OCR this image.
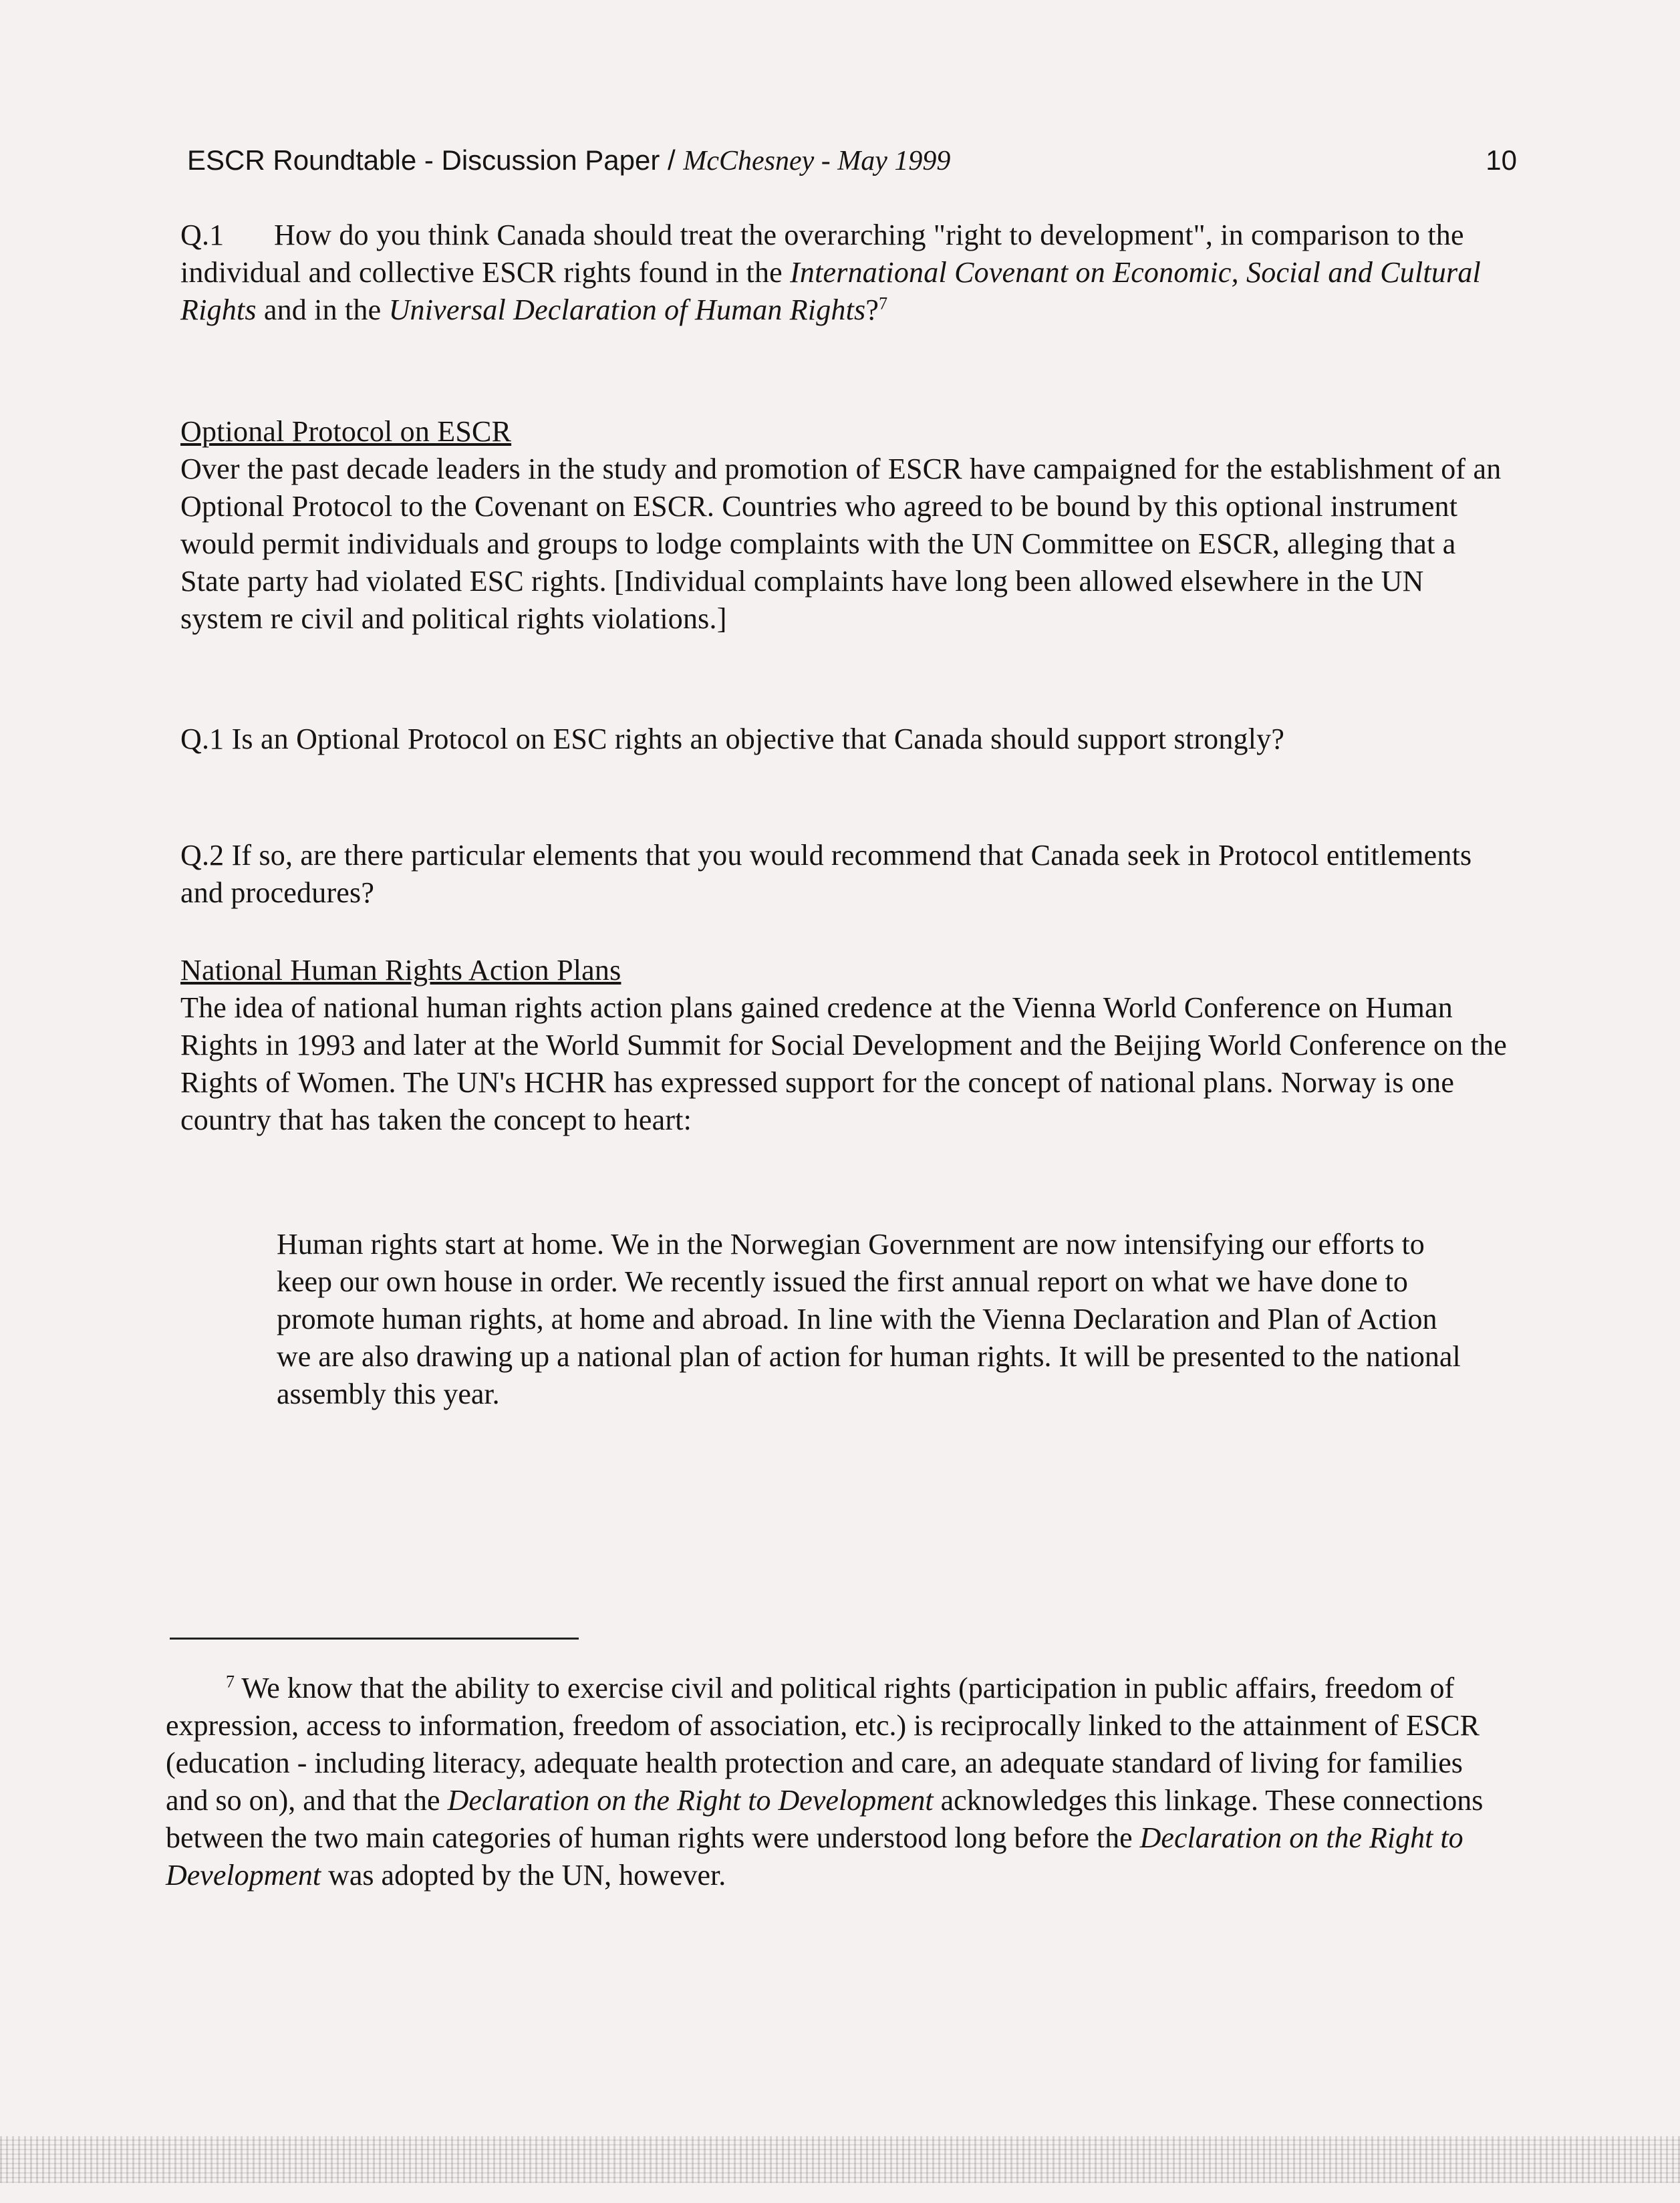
ESCR Roundtable - Discussion Paper / McChesney - May 1999	10

Q.1 How do you think Canada should treat the overarching "right to development", in comparison to the individual and collective ESCR rights found in the International Covenant on Economic, Social and Cultural Rights and in the Universal Declaration of Human Rights?$^7$

Optional Protocol on ESCR

Over the past decade leaders in the study and promotion of ESCR have campaigned for the establishment of an Optional Protocol to the Covenant on ESCR. Countries who agreed to be bound by this optional instrument would permit individuals and groups to lodge complaints with the UN Committee on ESCR, alleging that a State party had violated ESC rights. [Individual complaints have long been allowed elsewhere in the UN system re civil and political rights violations.]

Q.1 Is an Optional Protocol on ESC rights an objective that Canada should support strongly?

Q.2 If so, are there particular elements that you would recommend that Canada seek in Protocol entitlements and procedures?

National Human Rights Action Plans

The idea of national human rights action plans gained credence at the Vienna World Conference on Human Rights in 1993 and later at the World Summit for Social Development and the Beijing World Conference on the Rights of Women. The UN's HCHR has expressed support for the concept of national plans. Norway is one country that has taken the concept to heart:

Human rights start at home. We in the Norwegian Government are now intensifying our efforts to keep our own house in order. We recently issued the first annual report on what we have done to promote human rights, at home and abroad. In line with the Vienna Declaration and Plan of Action we are also drawing up a national plan of action for human rights. It will be presented to the national assembly this year.

$^7$ We know that the ability to exercise civil and political rights (participation in public affairs, freedom of expression, access to information, freedom of association, etc.) is reciprocally linked to the attainment of ESCR (education - including literacy, adequate health protection and care, an adequate standard of living for families and so on), and that the Declaration on the Right to Development acknowledges this linkage. These connections between the two main categories of human rights were understood long before the Declaration on the Right to Development was adopted by the UN, however.
